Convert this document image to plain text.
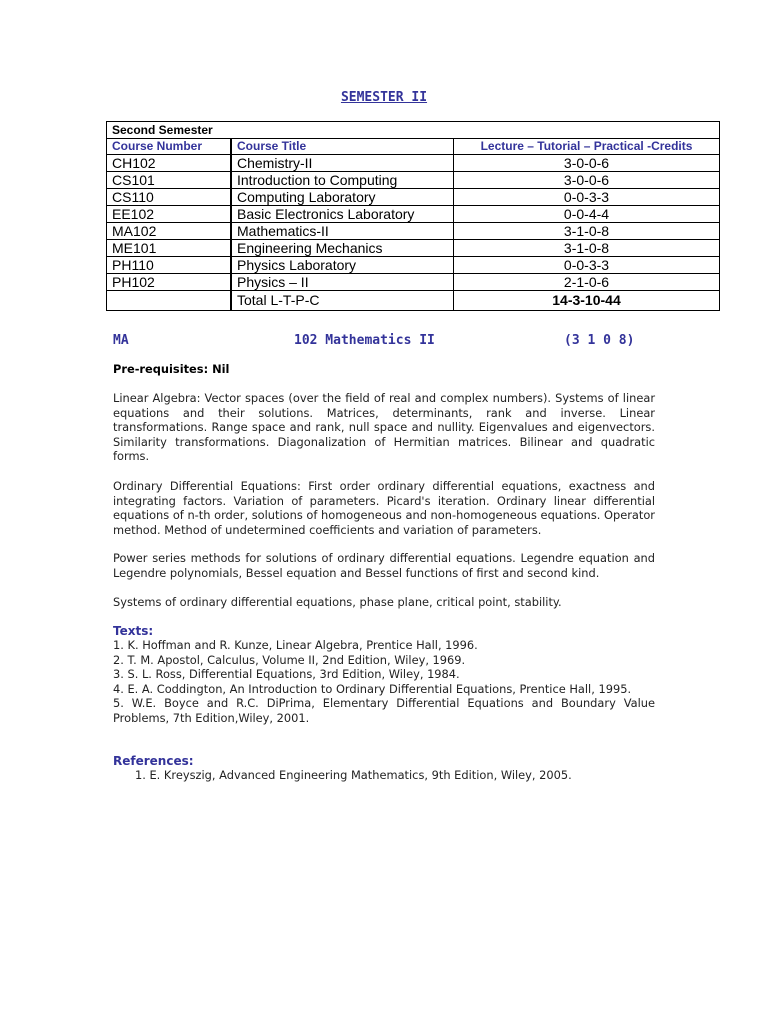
SEMESTER II
Second Semester		
Course Number	Course Title	Lecture – Tutorial – Practical -Credits
CH102	Chemistry-II	3-0-0-6
CS101	Introduction to Computing	3-0-0-6
CS110	Computing Laboratory	0-0-3-3
EE102	Basic Electronics Laboratory	0-0-4-4
MA102	Mathematics-II	3-1-0-8
ME101	Engineering Mechanics	3-1-0-8
PH110	Physics Laboratory	0-0-3-3
PH102	Physics – II	2-1-0-6
	Total L-T-P-C	14-3-10-44
MA	102 Mathematics II	(3 1 0 8)
Pre-requisites: Nil
Linear Algebra: Vector spaces (over the field of real and complex numbers). Systems of linear equations and their solutions. Matrices, determinants, rank and inverse. Linear transformations. Range space and rank, null space and nullity. Eigenvalues and eigenvectors. Similarity transformations. Diagonalization of Hermitian matrices. Bilinear and quadratic forms.
Ordinary Differential Equations: First order ordinary differential equations, exactness and integrating factors. Variation of parameters. Picard's iteration. Ordinary linear differential equations of n-th order, solutions of homogeneous and non-homogeneous equations. Operator method. Method of undetermined coefficients and variation of parameters.
Power series methods for solutions of ordinary differential equations. Legendre equation and Legendre polynomials, Bessel equation and Bessel functions of first and second kind.
Systems of ordinary differential equations, phase plane, critical point, stability.
Texts:
1. K. Hoffman and R. Kunze, Linear Algebra, Prentice Hall, 1996.
2. T. M. Apostol, Calculus, Volume II, 2nd Edition, Wiley, 1969.
3. S. L. Ross, Differential Equations, 3rd Edition, Wiley, 1984.
4. E. A. Coddington, An Introduction to Ordinary Differential Equations, Prentice Hall, 1995.
5. W.E. Boyce and R.C. DiPrima, Elementary Differential Equations and Boundary Value Problems, 7th Edition,Wiley, 2001.
References:
1. E. Kreyszig, Advanced Engineering Mathematics, 9th Edition, Wiley, 2005.
